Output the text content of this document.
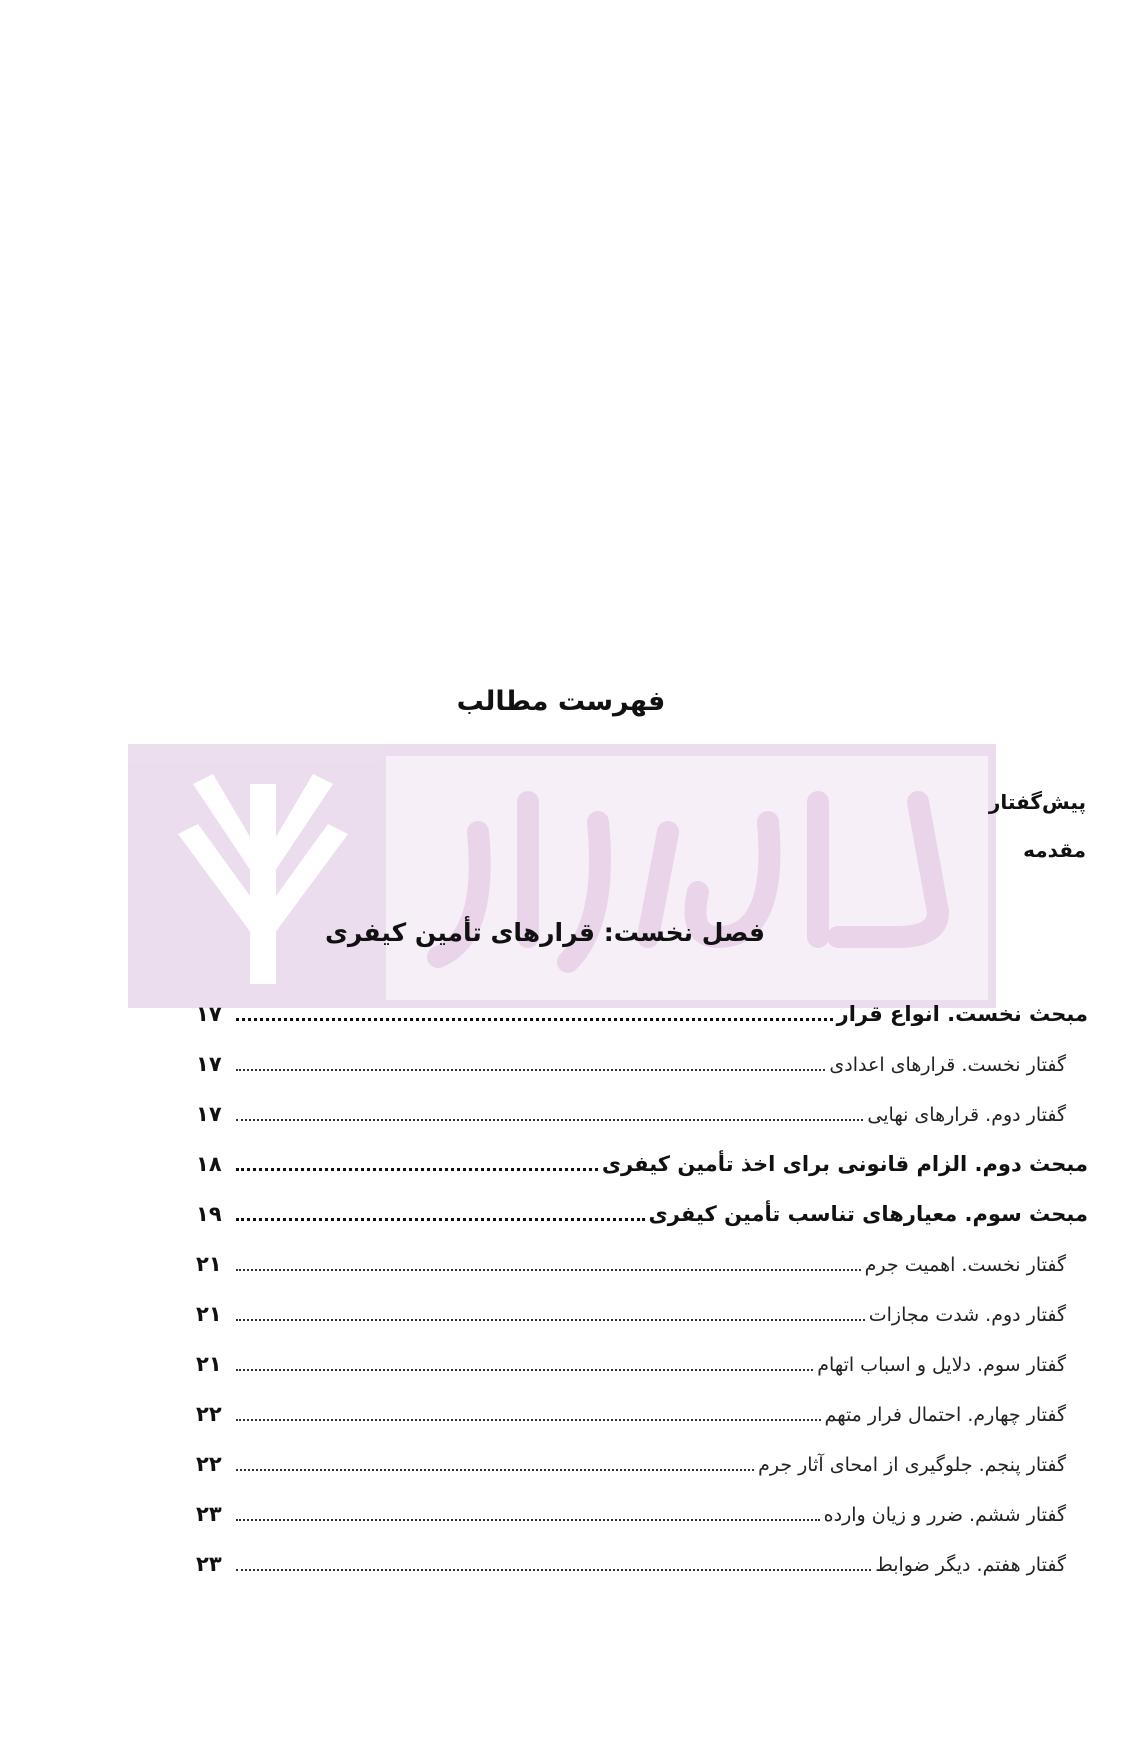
فهرست مطالب
پیش‌گفتار
مقدمه
فصل نخست: قرارهای تأمین کیفری
مبحث نخست. انواع قرار
۱۷
گفتار نخست. قرارهای اعدادی
۱۷
گفتار دوم. قرارهای نهایی
۱۷
مبحث دوم. الزام قانونی برای اخذ تأمین کیفری
۱۸
مبحث سوم. معیارهای تناسب تأمین کیفری
۱۹
گفتار نخست. اهمیت جرم
۲۱
گفتار دوم. شدت مجازات
۲۱
گفتار سوم. دلایل و اسباب اتهام
۲۱
گفتار چهارم. احتمال فرار متهم
۲۲
گفتار پنجم. جلوگیری از امحای آثار جرم
۲۲
گفتار ششم. ضرر و زیان وارده
۲۳
گفتار هفتم. دیگر ضوابط
۲۳
